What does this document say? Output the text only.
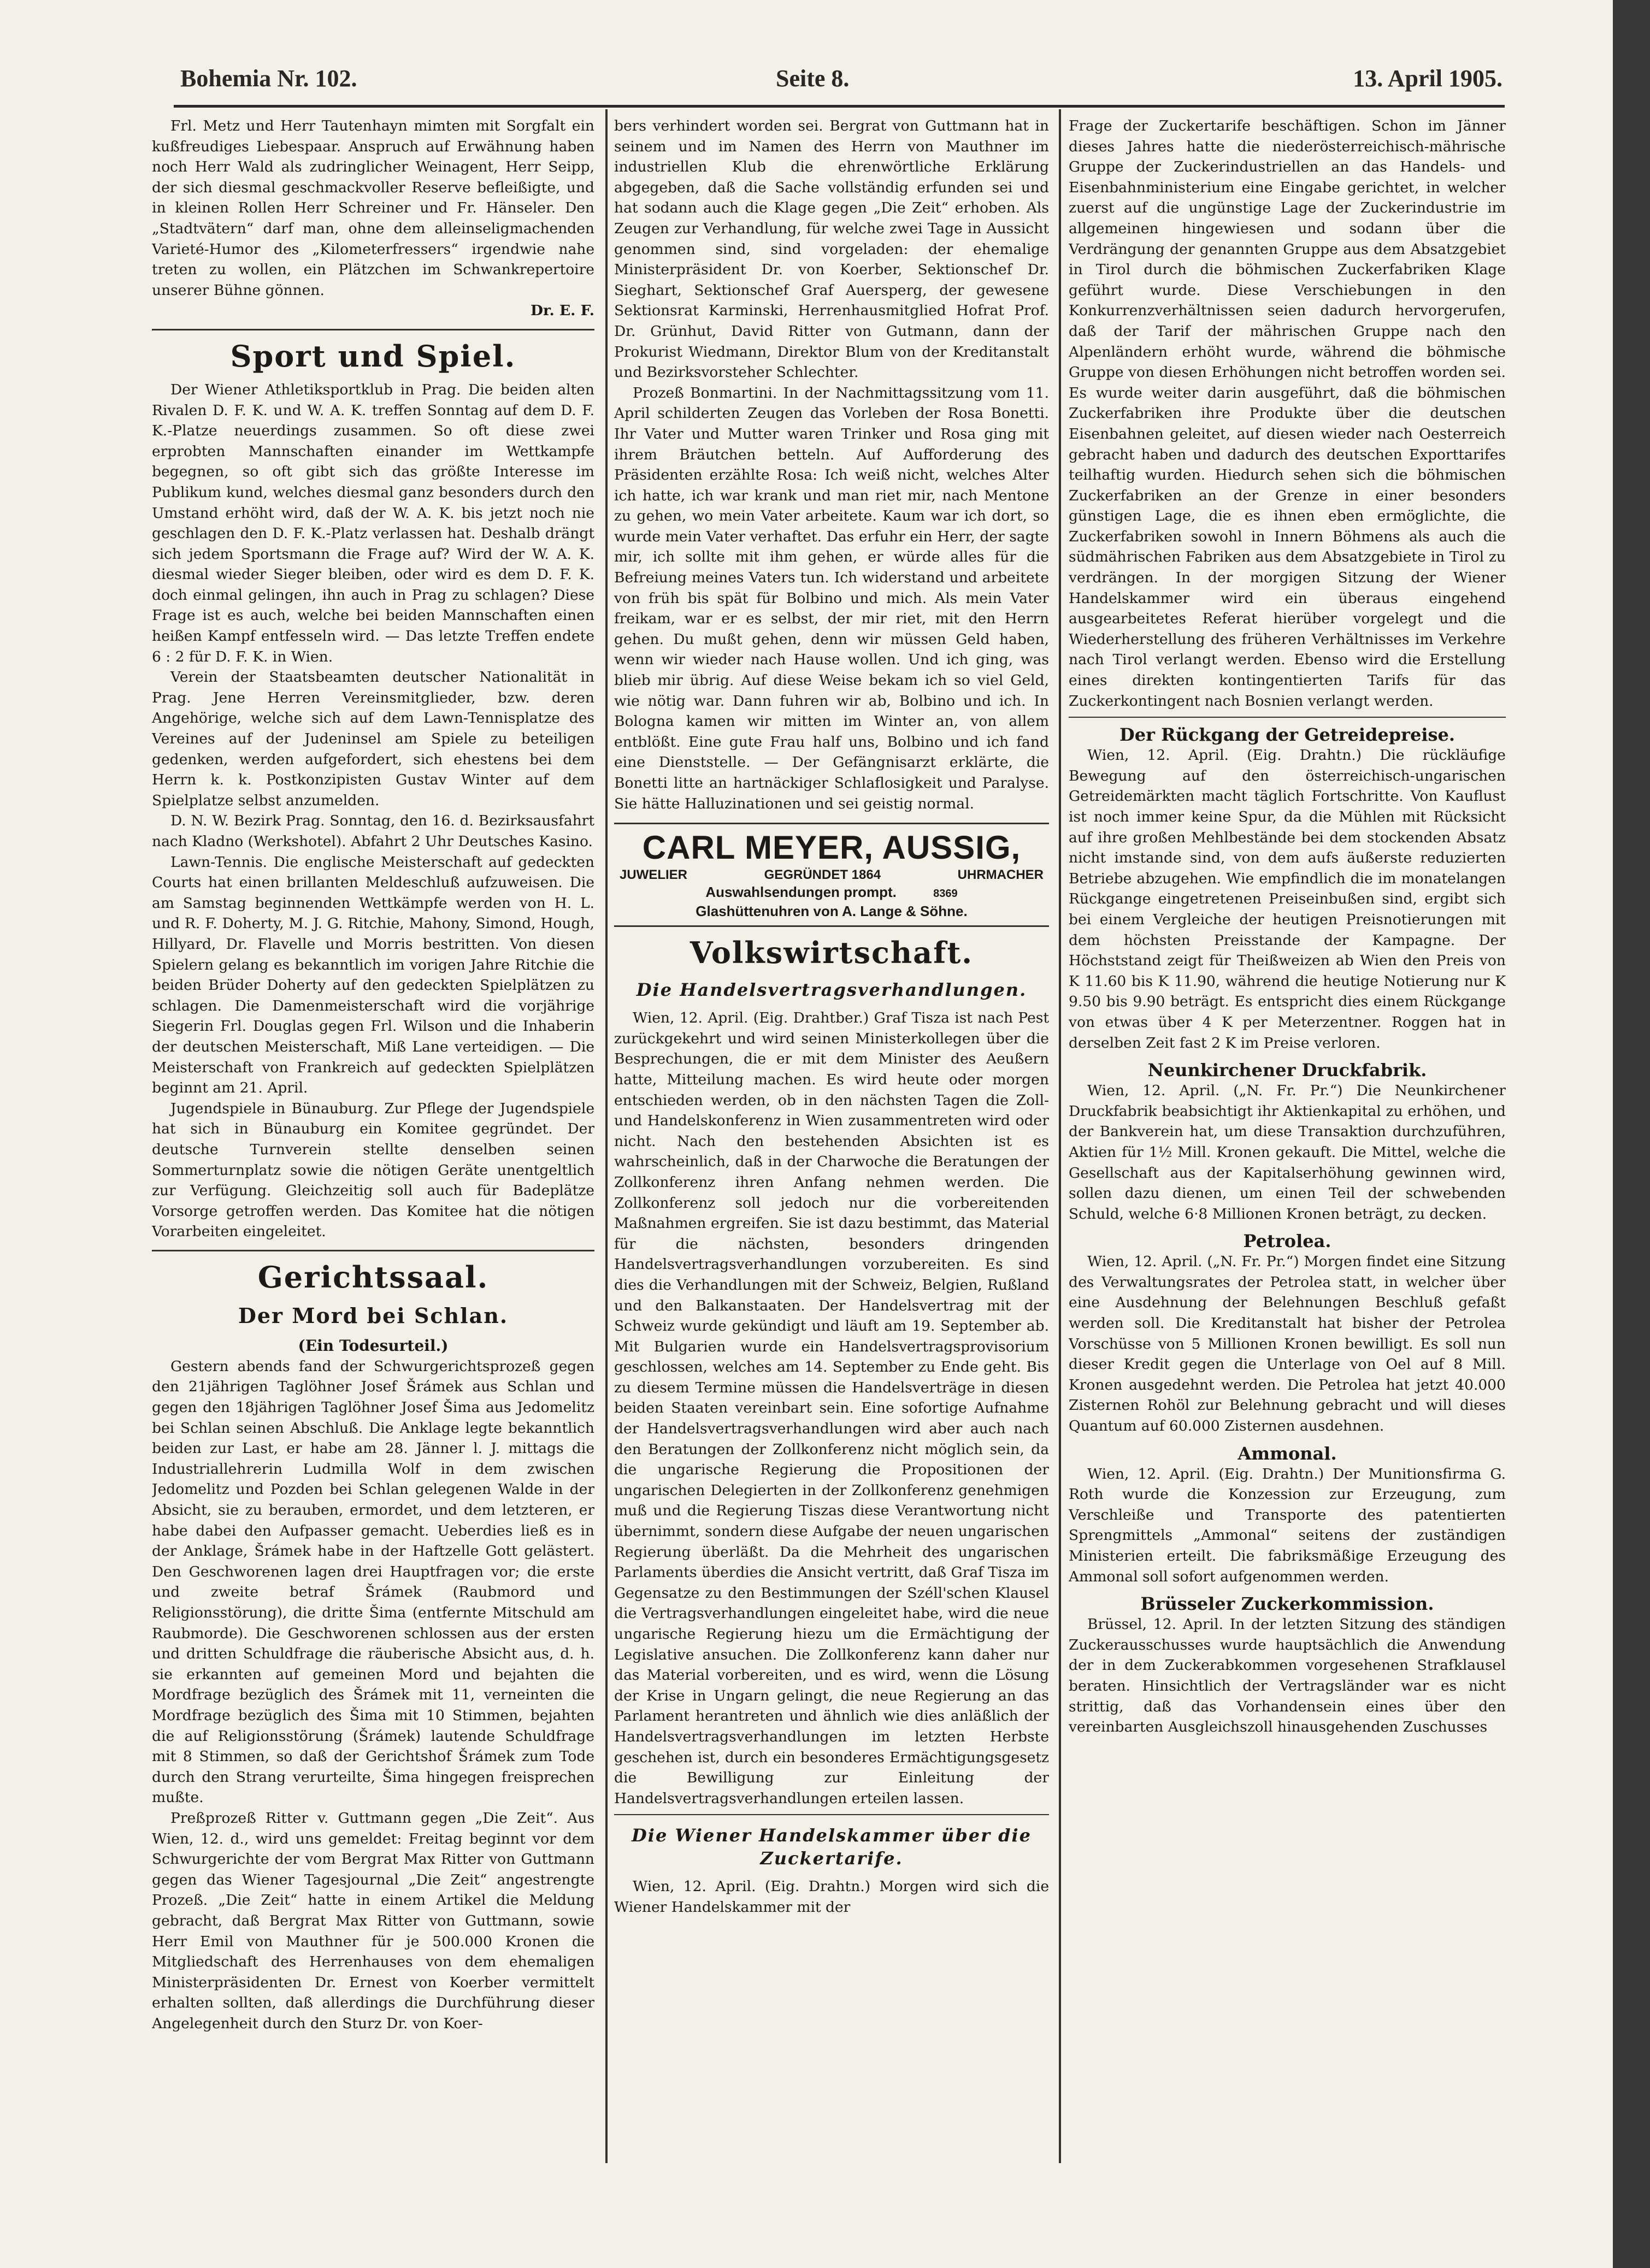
Bohemia Nr. 102.	Seite 8.	13. April 1905.

Frl. Metz und Herr Tautenhayn mimten mit Sorgfalt ein kußfreudiges Liebespaar. Anspruch auf Erwähnung haben noch Herr Wald als zudringlicher Weinagent, Herr Seipp, der sich diesmal geschmackvoller Reserve befleißigte, und in kleinen Rollen Herr Schreiner und Fr. Hänseler. Den „Stadtvätern“ darf man, ohne dem alleinseligmachenden Varieté-Humor des „Kilometerfressers“ irgendwie nahe treten zu wollen, ein Plätzchen im Schwankrepertoire unserer Bühne gönnen.

Dr. E. F.

Sport und Spiel.

Der Wiener Athletiksportklub in Prag. Die beiden alten Rivalen D. F. K. und W. A. K. treffen Sonntag auf dem D. F. K.-Platze neuerdings zusammen. So oft diese zwei erprobten Mannschaften einander im Wettkampfe begegnen, so oft gibt sich das größte Interesse im Publikum kund, welches diesmal ganz besonders durch den Umstand erhöht wird, daß der W. A. K. bis jetzt noch nie geschlagen den D. F. K.-Platz verlassen hat. Deshalb drängt sich jedem Sportsmann die Frage auf? Wird der W. A. K. diesmal wieder Sieger bleiben, oder wird es dem D. F. K. doch einmal gelingen, ihn auch in Prag zu schlagen? Diese Frage ist es auch, welche bei beiden Mannschaften einen heißen Kampf entfesseln wird. — Das letzte Treffen endete 6 : 2 für D. F. K. in Wien.

Verein der Staatsbeamten deutscher Nationalität in Prag. Jene Herren Vereinsmitglieder, bzw. deren Angehörige, welche sich auf dem Lawn-Tennisplatze des Vereines auf der Judeninsel am Spiele zu beteiligen gedenken, werden aufgefordert, sich ehestens bei dem Herrn k. k. Postkonzipisten Gustav Winter auf dem Spielplatze selbst anzumelden.

D. N. W. Bezirk Prag. Sonntag, den 16. d. Bezirksausfahrt nach Kladno (Werkshotel). Abfahrt 2 Uhr Deutsches Kasino.

Lawn-Tennis. Die englische Meisterschaft auf gedeckten Courts hat einen brillanten Meldeschluß aufzuweisen. Die am Samstag beginnenden Wettkämpfe werden von H. L. und R. F. Doherty, M. J. G. Ritchie, Mahony, Simond, Hough, Hillyard, Dr. Flavelle und Morris bestritten. Von diesen Spielern gelang es bekanntlich im vorigen Jahre Ritchie die beiden Brüder Doherty auf den gedeckten Spielplätzen zu schlagen. Die Damenmeisterschaft wird die vorjährige Siegerin Frl. Douglas gegen Frl. Wilson und die Inhaberin der deutschen Meisterschaft, Miß Lane verteidigen. — Die Meisterschaft von Frankreich auf gedeckten Spielplätzen beginnt am 21. April.

Jugendspiele in Bünauburg. Zur Pflege der Jugendspiele hat sich in Bünauburg ein Komitee gegründet. Der deutsche Turnverein stellte denselben seinen Sommerturnplatz sowie die nötigen Geräte unentgeltlich zur Verfügung. Gleichzeitig soll auch für Badeplätze Vorsorge getroffen werden. Das Komitee hat die nötigen Vorarbeiten eingeleitet.

Gerichtssaal.
Der Mord bei Schlan.
(Ein Todesurteil.)

Gestern abends fand der Schwurgerichtsprozeß gegen den 21jährigen Taglöhner Josef Šrámek aus Schlan und gegen den 18jährigen Taglöhner Josef Šima aus Jedomelitz bei Schlan seinen Abschluß. Die Anklage legte bekanntlich beiden zur Last, er habe am 28. Jänner l. J. mittags die Industriallehrerin Ludmilla Wolf in dem zwischen Jedomelitz und Pozden bei Schlan gelegenen Walde in der Absicht, sie zu berauben, ermordet, und dem letzteren, er habe dabei den Aufpasser gemacht. Ueberdies ließ es in der Anklage, Šrámek habe in der Haftzelle Gott gelästert. Den Geschworenen lagen drei Hauptfragen vor; die erste und zweite betraf Šrámek (Raubmord und Religionsstörung), die dritte Šima (entfernte Mitschuld am Raubmorde). Die Geschworenen schlossen aus der ersten und dritten Schuldfrage die räuberische Absicht aus, d. h. sie erkannten auf gemeinen Mord und bejahten die Mordfrage bezüglich des Šrámek mit 11, verneinten die Mordfrage bezüglich des Šima mit 10 Stimmen, bejahten die auf Religionsstörung (Šrámek) lautende Schuldfrage mit 8 Stimmen, so daß der Gerichtshof Šrámek zum Tode durch den Strang verurteilte, Šima hingegen freisprechen mußte.

Preßprozeß Ritter v. Guttmann gegen „Die Zeit“. Aus Wien, 12. d., wird uns gemeldet: Freitag beginnt vor dem Schwurgerichte der vom Bergrat Max Ritter von Guttmann gegen das Wiener Tagesjournal „Die Zeit“ angestrengte Prozeß. „Die Zeit“ hatte in einem Artikel die Meldung gebracht, daß Bergrat Max Ritter von Guttmann, sowie Herr Emil von Mauthner für je 500.000 Kronen die Mitgliedschaft des Herrenhauses von dem ehemaligen Ministerpräsidenten Dr. Ernest von Koerber vermittelt erhalten sollten, daß allerdings die Durchführung dieser Angelegenheit durch den Sturz Dr. von Koer-

bers verhindert worden sei. Bergrat von Guttmann hat in seinem und im Namen des Herrn von Mauthner im industriellen Klub die ehrenwörtliche Erklärung abgegeben, daß die Sache vollständig erfunden sei und hat sodann auch die Klage gegen „Die Zeit“ erhoben. Als Zeugen zur Verhandlung, für welche zwei Tage in Aussicht genommen sind, sind vorgeladen: der ehemalige Ministerpräsident Dr. von Koerber, Sektionschef Dr. Sieghart, Sektionschef Graf Auersperg, der gewesene Sektionsrat Karminski, Herrenhausmitglied Hofrat Prof. Dr. Grünhut, David Ritter von Gutmann, dann der Prokurist Wiedmann, Direktor Blum von der Kreditanstalt und Bezirksvorsteher Schlechter.

Prozeß Bonmartini. In der Nachmittagssitzung vom 11. April schilderten Zeugen das Vorleben der Rosa Bonetti. Ihr Vater und Mutter waren Trinker und Rosa ging mit ihrem Bräutchen betteln. Auf Aufforderung des Präsidenten erzählte Rosa: Ich weiß nicht, welches Alter ich hatte, ich war krank und man riet mir, nach Mentone zu gehen, wo mein Vater arbeitete. Kaum war ich dort, so wurde mein Vater verhaftet. Das erfuhr ein Herr, der sagte mir, ich sollte mit ihm gehen, er würde alles für die Befreiung meines Vaters tun. Ich widerstand und arbeitete von früh bis spät für Bolbino und mich. Als mein Vater freikam, war er es selbst, der mir riet, mit den Herrn gehen. Du mußt gehen, denn wir müssen Geld haben, wenn wir wieder nach Hause wollen. Und ich ging, was blieb mir übrig. Auf diese Weise bekam ich so viel Geld, wie nötig war. Dann fuhren wir ab, Bolbino und ich. In Bologna kamen wir mitten im Winter an, von allem entblößt. Eine gute Frau half uns, Bolbino und ich fand eine Dienststelle. — Der Gefängnisarzt erklärte, die Bonetti litte an hartnäckiger Schlaflosigkeit und Paralyse. Sie hätte Halluzinationen und sei geistig normal.

CARL MEYER, AUSSIG,
JUWELIER	GEGRÜNDET 1864	UHRMACHER
Auswahlsendungen prompt.	8369
Glashüttenuhren von A. Lange & Söhne.
Volkswirtschaft.
Die Handelsvertragsverhandlungen.

Wien, 12. April. (Eig. Drahtber.) Graf Tisza ist nach Pest zurückgekehrt und wird seinen Ministerkollegen über die Besprechungen, die er mit dem Minister des Aeußern hatte, Mitteilung machen. Es wird heute oder morgen entschieden werden, ob in den nächsten Tagen die Zoll- und Handelskonferenz in Wien zusammentreten wird oder nicht. Nach den bestehenden Absichten ist es wahrscheinlich, daß in der Charwoche die Beratungen der Zollkonferenz ihren Anfang nehmen werden. Die Zollkonferenz soll jedoch nur die vorbereitenden Maßnahmen ergreifen. Sie ist dazu bestimmt, das Material für die nächsten, besonders dringenden Handelsvertragsverhandlungen vorzubereiten. Es sind dies die Verhandlungen mit der Schweiz, Belgien, Rußland und den Balkanstaaten. Der Handelsvertrag mit der Schweiz wurde gekündigt und läuft am 19. September ab. Mit Bulgarien wurde ein Handelsvertragsprovisorium geschlossen, welches am 14. September zu Ende geht. Bis zu diesem Termine müssen die Handelsverträge in diesen beiden Staaten vereinbart sein. Eine sofortige Aufnahme der Handelsvertragsverhandlungen wird aber auch nach den Beratungen der Zollkonferenz nicht möglich sein, da die ungarische Regierung die Propositionen der ungarischen Delegierten in der Zollkonferenz genehmigen muß und die Regierung Tiszas diese Verantwortung nicht übernimmt, sondern diese Aufgabe der neuen ungarischen Regierung überläßt. Da die Mehrheit des ungarischen Parlaments überdies die Ansicht vertritt, daß Graf Tisza im Gegensatze zu den Bestimmungen der Széll'schen Klausel die Vertragsverhandlungen eingeleitet habe, wird die neue ungarische Regierung hiezu um die Ermächtigung der Legislative ansuchen. Die Zollkonferenz kann daher nur das Material vorbereiten, und es wird, wenn die Lösung der Krise in Ungarn gelingt, die neue Regierung an das Parlament herantreten und ähnlich wie dies anläßlich der Handelsvertragsverhandlungen im letzten Herbste geschehen ist, durch ein besonderes Ermächtigungsgesetz die Bewilligung zur Einleitung der Handelsvertragsverhandlungen erteilen lassen.

Die Wiener Handelskammer über die Zuckertarife.

Wien, 12. April. (Eig. Drahtn.) Morgen wird sich die Wiener Handelskammer mit der

Frage der Zuckertarife beschäftigen. Schon im Jänner dieses Jahres hatte die niederösterreichisch-mährische Gruppe der Zuckerindustriellen an das Handels- und Eisenbahnministerium eine Eingabe gerichtet, in welcher zuerst auf die ungünstige Lage der Zuckerindustrie im allgemeinen hingewiesen und sodann über die Verdrängung der genannten Gruppe aus dem Absatzgebiet in Tirol durch die böhmischen Zuckerfabriken Klage geführt wurde. Diese Verschiebungen in den Konkurrenzverhältnissen seien dadurch hervorgerufen, daß der Tarif der mährischen Gruppe nach den Alpenländern erhöht wurde, während die böhmische Gruppe von diesen Erhöhungen nicht betroffen worden sei. Es wurde weiter darin ausgeführt, daß die böhmischen Zuckerfabriken ihre Produkte über die deutschen Eisenbahnen geleitet, auf diesen wieder nach Oesterreich gebracht haben und dadurch des deutschen Exporttarifes teilhaftig wurden. Hiedurch sehen sich die böhmischen Zuckerfabriken an der Grenze in einer besonders günstigen Lage, die es ihnen eben ermöglichte, die Zuckerfabriken sowohl in Innern Böhmens als auch die südmährischen Fabriken aus dem Absatzgebiete in Tirol zu verdrängen. In der morgigen Sitzung der Wiener Handelskammer wird ein überaus eingehend ausgearbeitetes Referat hierüber vorgelegt und die Wiederherstellung des früheren Verhältnisses im Verkehre nach Tirol verlangt werden. Ebenso wird die Erstellung eines direkten kontingentierten Tarifs für das Zuckerkontingent nach Bosnien verlangt werden.

Der Rückgang der Getreidepreise.

Wien, 12. April. (Eig. Drahtn.) Die rückläufige Bewegung auf den österreichisch-ungarischen Getreidemärkten macht täglich Fortschritte. Von Kauflust ist noch immer keine Spur, da die Mühlen mit Rücksicht auf ihre großen Mehlbestände bei dem stockenden Absatz nicht imstande sind, von dem aufs äußerste reduzierten Betriebe abzugehen. Wie empfindlich die im monatelangen Rückgange eingetretenen Preiseinbußen sind, ergibt sich bei einem Vergleiche der heutigen Preisnotierungen mit dem höchsten Preisstande der Kampagne. Der Höchststand zeigt für Theißweizen ab Wien den Preis von K 11.60 bis K 11.90, während die heutige Notierung nur K 9.50 bis 9.90 beträgt. Es entspricht dies einem Rückgange von etwas über 4 K per Meterzentner. Roggen hat in derselben Zeit fast 2 K im Preise verloren.

Neunkirchener Druckfabrik.

Wien, 12. April. („N. Fr. Pr.“) Die Neunkirchener Druckfabrik beabsichtigt ihr Aktienkapital zu erhöhen, und der Bankverein hat, um diese Transaktion durchzuführen, Aktien für 1½ Mill. Kronen gekauft. Die Mittel, welche die Gesellschaft aus der Kapitalserhöhung gewinnen wird, sollen dazu dienen, um einen Teil der schwebenden Schuld, welche 6·8 Millionen Kronen beträgt, zu decken.

Petrolea.

Wien, 12. April. („N. Fr. Pr.“) Morgen findet eine Sitzung des Verwaltungsrates der Petrolea statt, in welcher über eine Ausdehnung der Belehnungen Beschluß gefaßt werden soll. Die Kreditanstalt hat bisher der Petrolea Vorschüsse von 5 Millionen Kronen bewilligt. Es soll nun dieser Kredit gegen die Unterlage von Oel auf 8 Mill. Kronen ausgedehnt werden. Die Petrolea hat jetzt 40.000 Zisternen Rohöl zur Belehnung gebracht und will dieses Quantum auf 60.000 Zisternen ausdehnen.

Ammonal.

Wien, 12. April. (Eig. Drahtn.) Der Munitionsfirma G. Roth wurde die Konzession zur Erzeugung, zum Verschleiße und Transporte des patentierten Sprengmittels „Ammonal“ seitens der zuständigen Ministerien erteilt. Die fabriksmäßige Erzeugung des Ammonal soll sofort aufgenommen werden.

Brüsseler Zuckerkommission.

Brüssel, 12. April. In der letzten Sitzung des ständigen Zuckerausschusses wurde hauptsächlich die Anwendung der in dem Zuckerabkommen vorgesehenen Strafklausel beraten. Hinsichtlich der Vertragsländer war es nicht strittig, daß das Vorhandensein eines über den vereinbarten Ausgleichszoll hinausgehenden Zuschusses
